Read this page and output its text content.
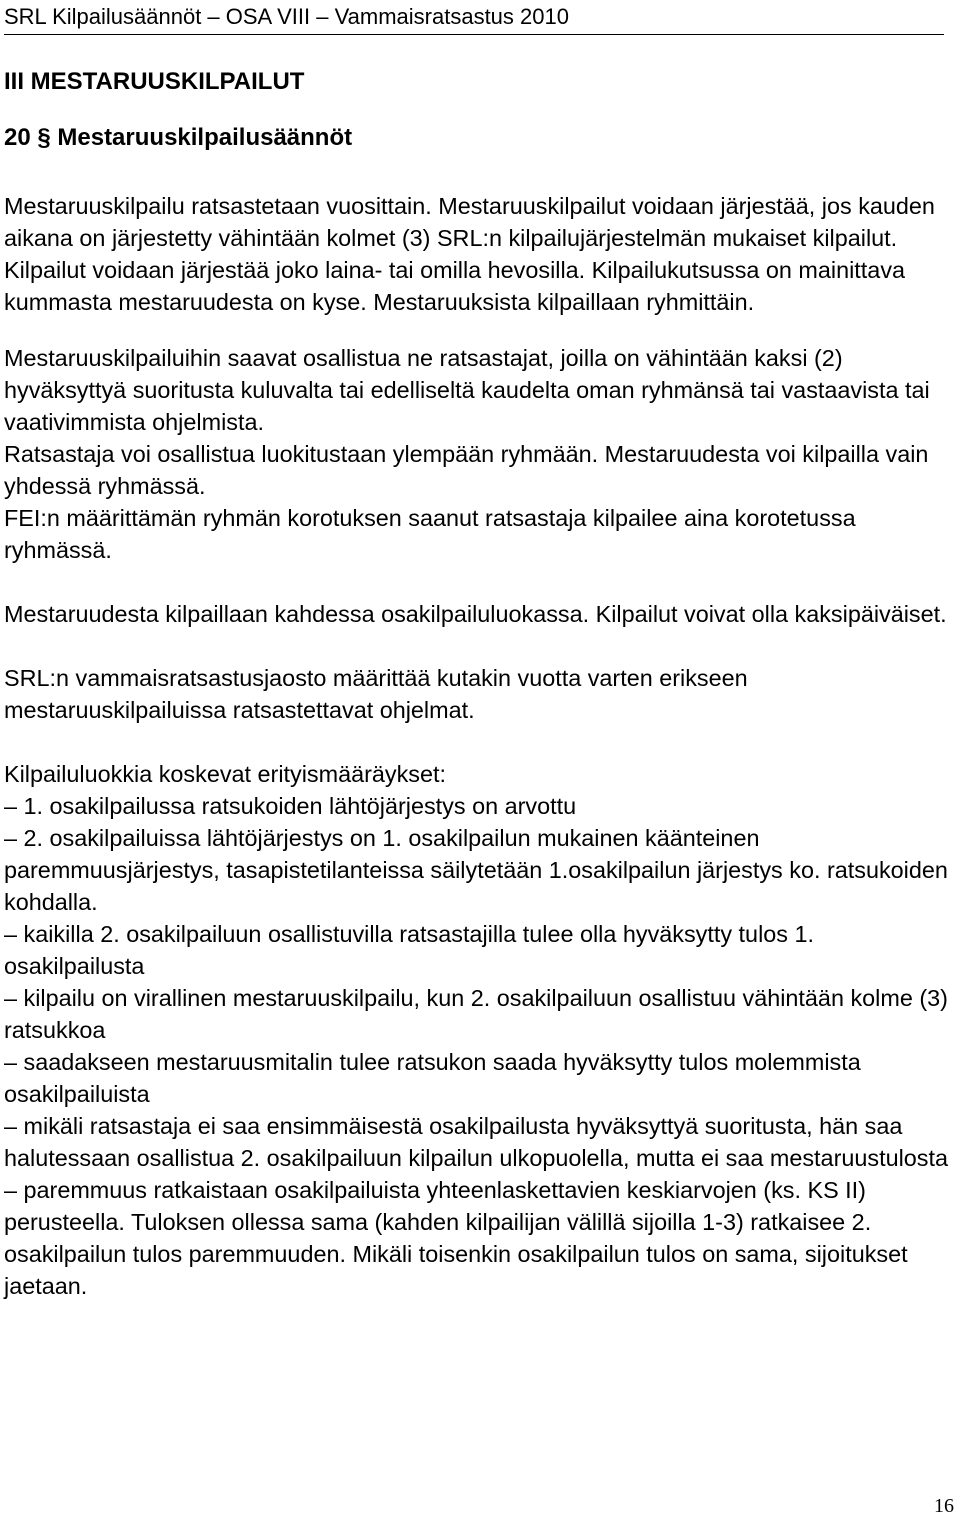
SRL Kilpailusäännöt – OSA VIII – Vammaisratsastus 2010

III MESTARUUSKILPAILUT

20 § Mestaruuskilpailusäännöt

Mestaruuskilpailu ratsastetaan vuosittain. Mestaruuskilpailut voidaan järjestää, jos kauden aikana on järjestetty vähintään kolmet (3) SRL:n kilpailujärjestelmän mukaiset kilpailut. Kilpailut voidaan järjestää joko laina- tai omilla hevosilla. Kilpailukutsussa on mainittava kummasta mestaruudesta on kyse. Mestaruuksista kilpaillaan ryhmittäin.

Mestaruuskilpailuihin saavat osallistua ne ratsastajat, joilla on vähintään kaksi (2) hyväksyttyä suoritusta kuluvalta tai edelliseltä kaudelta oman ryhmänsä tai vastaavista tai vaativimmista ohjelmista.

Ratsastaja voi osallistua luokitustaan ylempään ryhmään. Mestaruudesta voi kilpailla vain yhdessä ryhmässä.

FEI:n määrittämän ryhmän korotuksen saanut ratsastaja kilpailee aina korotetussa ryhmässä.

Mestaruudesta kilpaillaan kahdessa osakilpailuluokassa. Kilpailut voivat olla kaksipäiväiset.

SRL:n vammaisratsastusjaosto määrittää kutakin vuotta varten erikseen mestaruuskilpailuissa ratsastettavat ohjelmat.

Kilpailuluokkia koskevat erityismääräykset:

– 1. osakilpailussa ratsukoiden lähtöjärjestys on arvottu

– 2. osakilpailuissa lähtöjärjestys on 1. osakilpailun mukainen käänteinen paremmuusjärjestys, tasapistetilanteissa säilytetään 1.osakilpailun järjestys ko. ratsukoiden kohdalla.

– kaikilla 2. osakilpailuun osallistuvilla ratsastajilla tulee olla hyväksytty tulos 1. osakilpailusta

– kilpailu on virallinen mestaruuskilpailu, kun 2. osakilpailuun osallistuu vähintään kolme (3) ratsukkoa

– saadakseen mestaruusmitalin tulee ratsukon saada hyväksytty tulos molemmista osakilpailuista

– mikäli ratsastaja ei saa ensimmäisestä osakilpailusta hyväksyttyä suoritusta, hän saa halutessaan osallistua 2. osakilpailuun kilpailun ulkopuolella, mutta ei saa mestaruustulosta

– paremmuus ratkaistaan osakilpailuista yhteenlaskettavien keskiarvojen (ks. KS II) perusteella. Tuloksen ollessa sama (kahden kilpailijan välillä sijoilla 1-3) ratkaisee 2. osakilpailun tulos paremmuuden. Mikäli toisenkin osakilpailun tulos on sama, sijoitukset jaetaan.

16
